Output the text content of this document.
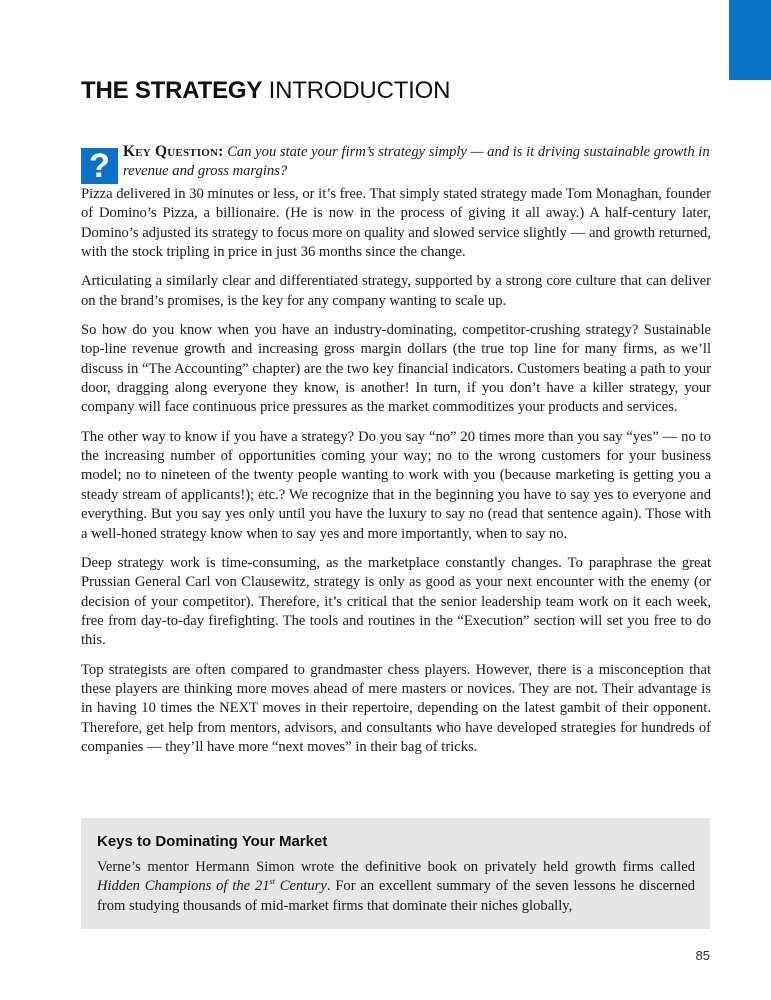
THE STRATEGY INTRODUCTION
? Key Question: Can you state your firm’s strategy simply — and is it driving sustainable growth in revenue and gross margins?

Pizza delivered in 30 minutes or less, or it’s free. That simply stated strategy made Tom Monaghan, founder of Domino’s Pizza, a billionaire. (He is now in the process of giving it all away.) A half-century later, Domino’s adjusted its strategy to focus more on quality and slowed service slightly — and growth returned, with the stock tripling in price in just 36 months since the change.

Articulating a similarly clear and differentiated strategy, supported by a strong core culture that can deliver on the brand’s promises, is the key for any company wanting to scale up.

So how do you know when you have an industry-dominating, competitor-crushing strategy? Sustainable top-line revenue growth and increasing gross margin dollars (the true top line for many firms, as we’ll discuss in “The Accounting” chapter) are the two key financial indicators. Customers beating a path to your door, dragging along everyone they know, is another! In turn, if you don’t have a killer strategy, your company will face continuous price pressures as the market commoditizes your products and services.

The other way to know if you have a strategy? Do you say “no” 20 times more than you say “yes” — no to the increasing number of opportunities coming your way; no to the wrong customers for your business model; no to nineteen of the twenty people wanting to work with you (because marketing is getting you a steady stream of applicants!); etc.? We recognize that in the beginning you have to say yes to everyone and everything. But you say yes only until you have the luxury to say no (read that sentence again). Those with a well-honed strategy know when to say yes and more importantly, when to say no.

Deep strategy work is time-consuming, as the marketplace constantly changes. To paraphrase the great Prussian General Carl von Clausewitz, strategy is only as good as your next encounter with the enemy (or decision of your competitor). Therefore, it’s critical that the senior leadership team work on it each week, free from day-to-day firefighting. The tools and routines in the “Execution” section will set you free to do this.

Top strategists are often compared to grandmaster chess players. However, there is a misconception that these players are thinking more moves ahead of mere masters or novices. They are not. Their advantage is in having 10 times the NEXT moves in their repertoire, depending on the latest gambit of their opponent. Therefore, get help from mentors, advisors, and consultants who have developed strategies for hundreds of companies — they’ll have more “next moves” in their bag of tricks.

Keys to Dominating Your Market

Verne’s mentor Hermann Simon wrote the definitive book on privately held growth firms called Hidden Champions of the 21st Century. For an excellent summary of the seven lessons he discerned from studying thousands of mid-market firms that dominate their niches globally,

85
